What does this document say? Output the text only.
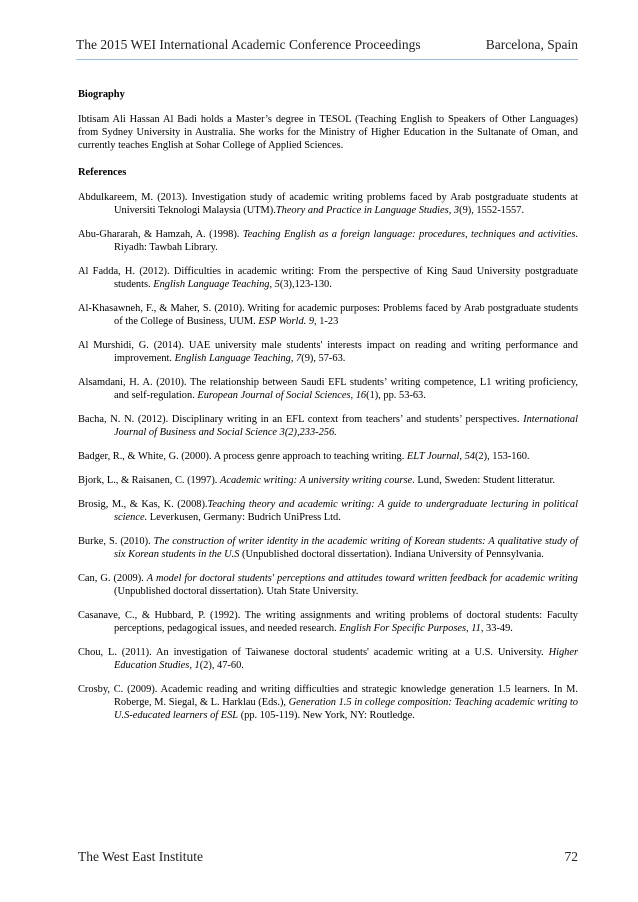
The 2015 WEI International Academic Conference Proceedings	Barcelona, Spain

Biography

Ibtisam Ali Hassan Al Badi holds a Master’s degree in TESOL (Teaching English to Speakers of Other Languages) from Sydney University in Australia. She works for the Ministry of Higher Education in the Sultanate of Oman, and currently teaches English at Sohar College of Applied Sciences.

References

Abdulkareem, M. (2013). Investigation study of academic writing problems faced by Arab postgraduate students at Universiti Teknologi Malaysia (UTM).Theory and Practice in Language Studies, 3(9), 1552-1557.
Abu-Ghararah, & Hamzah, A. (1998). Teaching English as a foreign language: procedures, techniques and activities. Riyadh: Tawbah Library.
Al Fadda, H. (2012). Difficulties in academic writing: From the perspective of King Saud University postgraduate students. English Language Teaching, 5(3),123-130.
Al-Khasawneh, F., & Maher, S. (2010). Writing for academic purposes: Problems faced by Arab postgraduate students of the College of Business, UUM. ESP World. 9, 1-23
Al Murshidi, G. (2014). UAE university male students' interests impact on reading and writing performance and improvement. English Language Teaching, 7(9), 57-63.
Alsamdani, H. A. (2010). The relationship between Saudi EFL students’ writing competence, L1 writing proficiency, and self-regulation. European Journal of Social Sciences, 16(1), pp. 53-63.
Bacha, N. N. (2012). Disciplinary writing in an EFL context from teachers’ and students’ perspectives. International Journal of Business and Social Science 3(2),233-256.
Badger, R., & White, G. (2000). A process genre approach to teaching writing. ELT Journal, 54(2), 153-160.
Bjork, L., & Raisanen, C. (1997). Academic writing: A university writing course. Lund, Sweden: Student litteratur.
Brosig, M., & Kas, K. (2008).Teaching theory and academic writing: A guide to undergraduate lecturing in political science. Leverkusen, Germany: Budrich UniPress Ltd.
Burke, S. (2010). The construction of writer identity in the academic writing of Korean students: A qualitative study of six Korean students in the U.S (Unpublished doctoral dissertation). Indiana University of Pennsylvania.
Can, G. (2009). A model for doctoral students' perceptions and attitudes toward written feedback for academic writing (Unpublished doctoral dissertation). Utah State University.
Casanave, C., & Hubbard, P. (1992). The writing assignments and writing problems of doctoral students: Faculty perceptions, pedagogical issues, and needed research. English For Specific Purposes, 11, 33-49.
Chou, L. (2011). An investigation of Taiwanese doctoral students' academic writing at a U.S. University. Higher Education Studies, 1(2), 47-60.
Crosby, C. (2009). Academic reading and writing difficulties and strategic knowledge generation 1.5 learners. In M. Roberge, M. Siegal, & L. Harklau (Eds.), Generation 1.5 in college composition: Teaching academic writing to U.S-educated learners of ESL (pp. 105-119). New York, NY: Routledge.
The West East Institute	72
